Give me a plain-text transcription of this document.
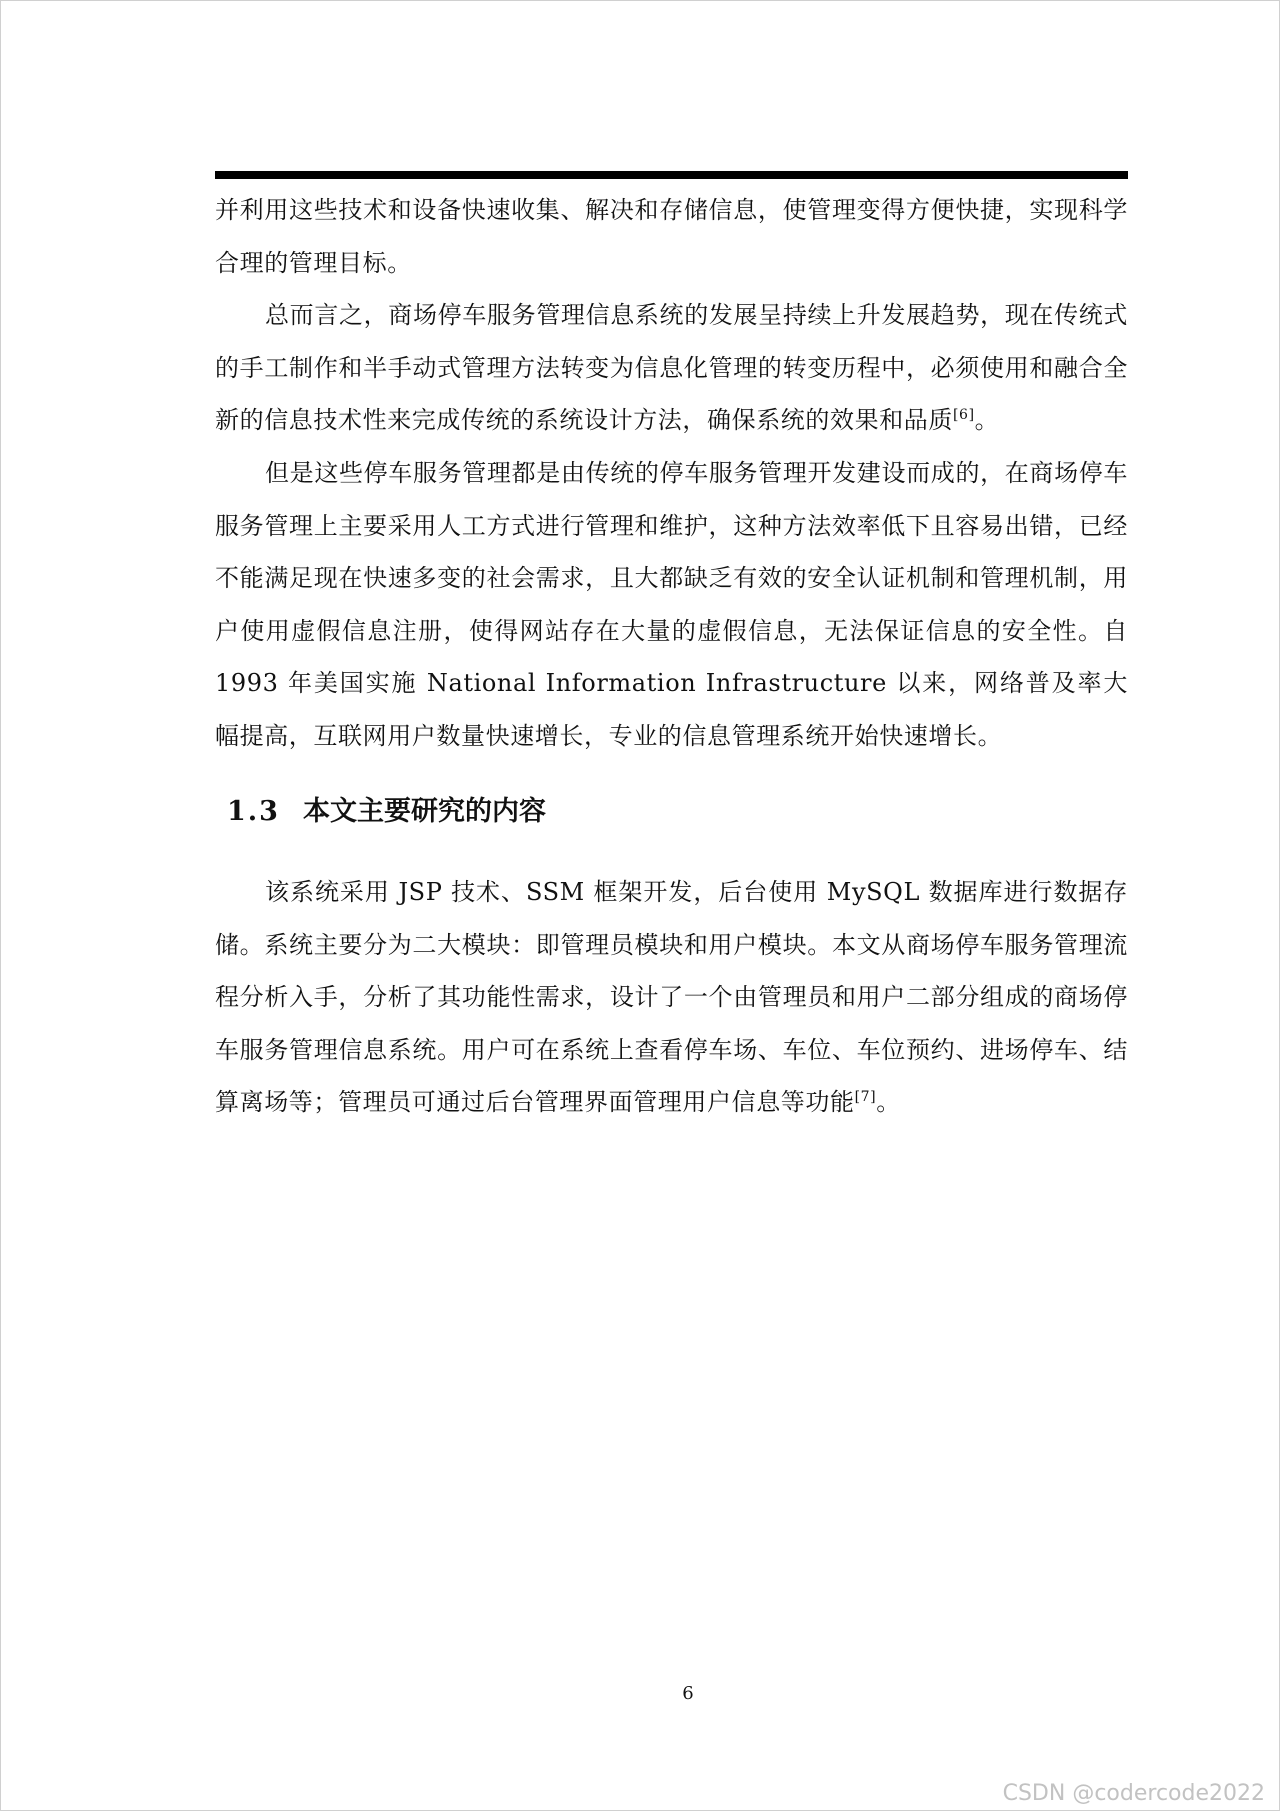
并利用这些技术和设备快速收集、解决和存储信息，使管理变得方便快捷，实现科学合理的管理目标。

总而言之，商场停车服务管理信息系统的发展呈持续上升发展趋势，现在传统式的手工制作和半手动式管理方法转变为信息化管理的转变历程中，必须使用和融合全新的信息技术性来完成传统的系统设计方法，确保系统的效果和品质[6]。

但是这些停车服务管理都是由传统的停车服务管理开发建设而成的，在商场停车服务管理上主要采用人工方式进行管理和维护，这种方法效率低下且容易出错，已经不能满足现在快速多变的社会需求，且大都缺乏有效的安全认证机制和管理机制，用户使用虚假信息注册，使得网站存在大量的虚假信息，无法保证信息的安全性。自 1993 年美国实施 National Information Infrastructure 以来，网络普及率大幅提高，互联网用户数量快速增长，专业的信息管理系统开始快速增长。

1.3 本文主要研究的内容

该系统采用 JSP 技术、SSM 框架开发，后台使用 MySQL 数据库进行数据存储。系统主要分为二大模块：即管理员模块和用户模块。本文从商场停车服务管理流程分析入手，分析了其功能性需求，设计了一个由管理员和用户二部分组成的商场停车服务管理信息系统。用户可在系统上查看停车场、车位、车位预约、进场停车、结算离场等；管理员可通过后台管理界面管理用户信息等功能[7]。

6
CSDN @codercode2022
